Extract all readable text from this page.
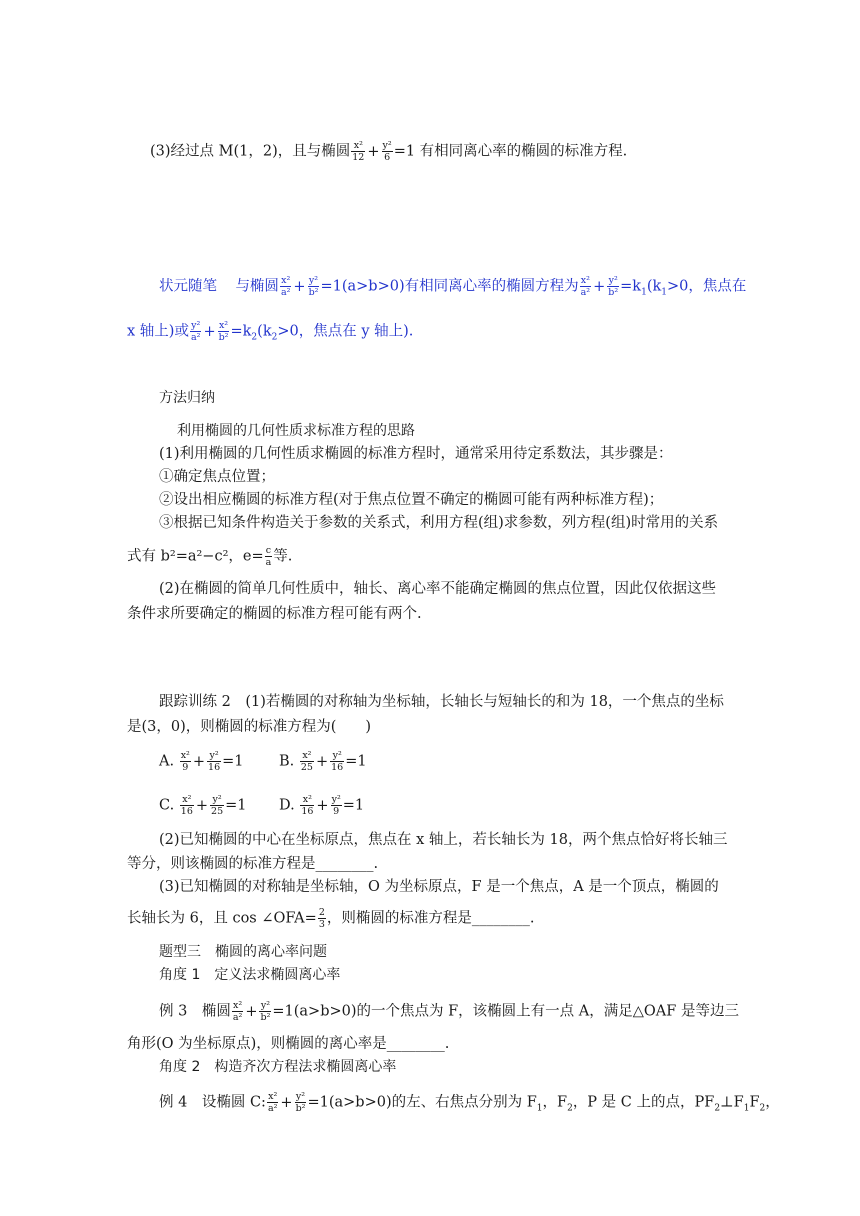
(3)经过点 M(1，2)，且与椭圆 $\frac{\text{x²}}{12} + \frac{\text{y²}}{6} =1$ 有相同离心率的椭圆的标准方程.
状元随笔 与椭圆 $\frac{\text{x²}}{\text{a²}} + \frac{\text{y²}}{\text{b²}} =1(a>b>0)$有相同离心率的椭圆方程为 $\frac{\text{x²}}{\text{a²}} + \frac{\text{y²}}{\text{b²}} =k_1(k_1>0$，焦点在
x 轴上)或 $\frac{\text{y²}}{\text{a²}} + \frac{\text{x²}}{\text{b²}} =k_2(k_2>0$，焦点在 y 轴上).
方法归纳
利用椭圆的几何性质求标准方程的思路
(1)利用椭圆的几何性质求椭圆的标准方程时，通常采用待定系数法，其步骤是：
①确定焦点位置；
②设出相应椭圆的标准方程(对于焦点位置不确定的椭圆可能有两种标准方程)；
③根据已知条件构造关于参数的关系式，利用方程(组)求参数，列方程(组)时常用的关系
式有 b²=a²−c²，$e= \frac{c}{a}$ 等.
(2)在椭圆的简单几何性质中，轴长、离心率不能确定椭圆的焦点位置，因此仅依据这些
条件求所要确定的椭圆的标准方程可能有两个.
跟踪训练 2　(1)若椭圆的对称轴为坐标轴，长轴长与短轴长的和为 18，一个焦点的坐标
是(3，0)，则椭圆的标准方程为(　　)
A. $\frac{\text{x²}}{9} + \frac{\text{y²}}{16} =1$ B. $\frac{\text{x²}}{25} + \frac{\text{y²}}{16} =1$
C. $\frac{\text{x²}}{16} + \frac{\text{y²}}{25} =1$ D. $\frac{\text{x²}}{16} + \frac{\text{y²}}{9} =1$
(2)已知椭圆的中心在坐标原点，焦点在 x 轴上，若长轴长为 18，两个焦点恰好将长轴三
等分，则该椭圆的标准方程是________.
(3)已知椭圆的对称轴是坐标轴，O 为坐标原点，F 是一个焦点，A 是一个顶点，椭圆的
长轴长为 6，且 cos ∠OFA= $\frac{2}{3}$ ，则椭圆的标准方程是________.
题型三　椭圆的离心率问题
角度 1　定义法求椭圆离心率
例 3　椭圆 $\frac{\text{x²}}{\text{a²}} + \frac{\text{y²}}{\text{b²}} =1(a>b>0)$的一个焦点为 F，该椭圆上有一点 A，满足△OAF 是等边三
角形(O 为坐标原点)，则椭圆的离心率是________.
角度 2　构造齐次方程法求椭圆离心率
例 4　设椭圆 C: $\frac{\text{x²}}{\text{a²}} + \frac{\text{y²}}{\text{b²}} =1(a>b>0)$的左、右焦点分别为 $F_1$，$F_2$，P 是 C 上的点，$PF_2\perp F_1F_2$，
